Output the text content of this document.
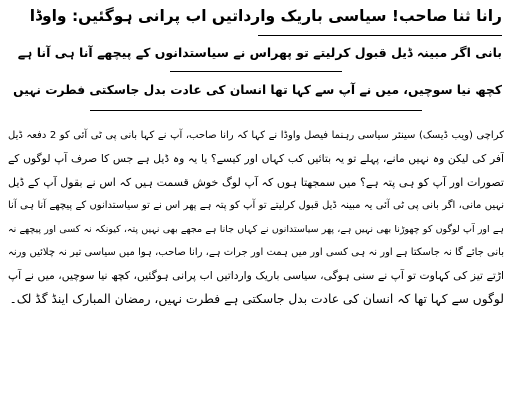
رانا ثنا صاحب! سیاسی باریک وارداتیں اب پرانی ہوگئیں: واوڈا
بانی اگر مبینہ ڈیل قبول کرلیتے تو پھراس نے سیاستدانوں کے پیچھے آنا ہی آنا ہے
کچھ نیا سوچیں، میں نے آپ سے کہا تھا انسان کی عادت بدل جاسکتی فطرت نہیں
کراچی (ویب ڈیسک) سینئر سیاسی رہنما فیصل واوڈا نے کہا کہ رانا صاحب، آپ نے کہا بانی پی ٹی آئی کو 2 دفعہ ڈیل
آفر کی لیکن وہ نہیں مانے، پہلے تو یہ بتائیں کب کہاں اور کیسے؟ یا یہ وہ ڈیل ہے جس کا صرف آپ لوگوں کے
تصورات اور آپ کو ہی پتہ ہے؟ میں سمجھتا ہوں کہ آپ لوگ خوش قسمت ہیں کہ اس نے بقول آپ کے ڈیل
نہیں مانی، اگر بانی پی ٹی آئی یہ مبینہ ڈیل قبول کرلیتے تو آپ کو پتہ ہے پھر اس نے تو سیاستدانوں کے پیچھے آنا ہی آنا
ہے اور آپ لوگوں کو چھوڑنا بھی نہیں ہے، پھر سیاستدانوں نے کہاں جانا ہے مجھے بھی نہیں پتہ، کیونکہ نہ کسی اور پیچھے نہ
بانی جائے گا نہ جاسکتا ہے اور نہ ہی کسی اور میں ہمت اور جرات ہے، رانا صاحب، ہوا میں سیاسی تیر نہ چلائیں ورنہ
اڑتے تیز کی کہاوت تو آپ نے سنی ہوگی، سیاسی باریک وارداتیں اب پرانی ہوگئیں، کچھ نیا سوچیں، میں نے آپ
لوگوں سے کہا تھا کہ انسان کی عادت بدل جاسکتی ہے فطرت نہیں، رمضان المبارک اینڈ گڈ لک۔
